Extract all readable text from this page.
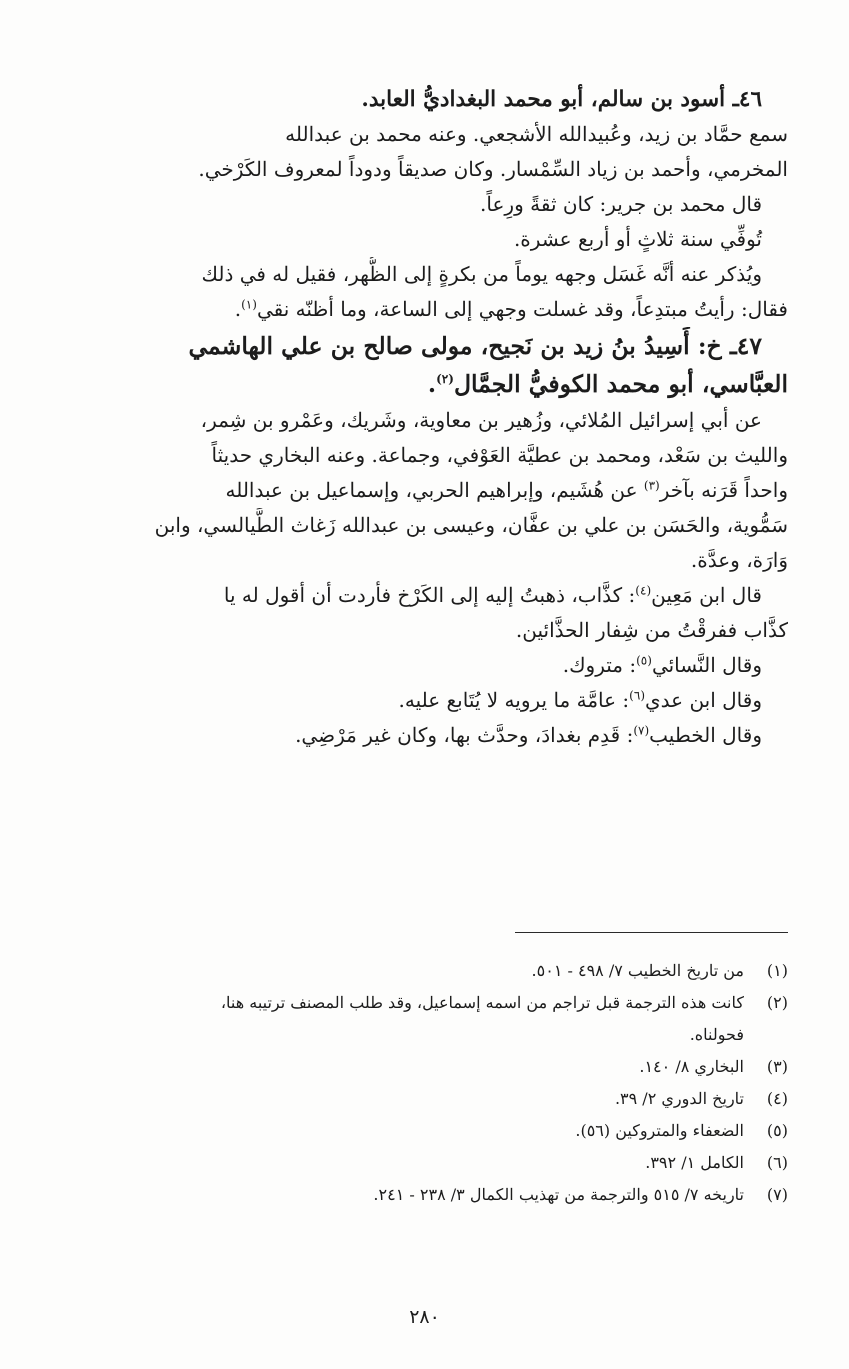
٤٦ـ أسود بن سالم، أبو محمد البغداديُّ العابد.
سمع حمَّاد بن زيد، وعُبيدالله الأشجعي. وعنه محمد بن عبدالله
المخرمي، وأحمد بن زياد السِّمْسار. وكان صديقاً ودوداً لمعروف الكَرْخي.
قال محمد بن جرير: كان ثقةً ورِعاً.
تُوفِّي سنة ثلاثٍ أو أربع عشرة.
ويُذكر عنه أنَّه غَسَل وجهه يوماً من بكرةٍ إلى الظُّهر، فقيل له في ذلك
فقال: رأيتُ مبتدِعاً، وقد غسلت وجهي إلى الساعة، وما أظنّه نقي$^{(١)}$.
٤٧ـ خ: أَسِيدُ بنُ زيد بن نَجيح، مولى صالح بن علي الهاشمي
العبَّاسي، أبو محمد الكوفيُّ الجمَّال$^{(٢)}$.
عن أبي إسرائيل المُلائي، وزُهير بن معاوية، وشَريك، وعَمْرو بن شِمر،
والليث بن سَعْد، ومحمد بن عطيَّة العَوْفي، وجماعة. وعنه البخاري حديثاً
واحداً قَرَنه بآخر$^{(٣)}$ عن هُشَيم، وإبراهيم الحربي، وإسماعيل بن عبدالله
سَمُّوية، والحَسَن بن علي بن عفَّان، وعيسى بن عبدالله زَغاث الطَّيالسي، وابن
وَارَة، وعدَّة.
قال ابن مَعِين$^{(٤)}$: كذَّاب، ذهبتُ إليه إلى الكَرْخ فأردت أن أقول له يا
كذَّاب ففرقْتُ من شِفار الحذَّائين.
وقال النَّسائي$^{(٥)}$: متروك.
وقال ابن عدي$^{(٦)}$: عامَّة ما يرويه لا يُتَابع عليه.
وقال الخطيب$^{(٧)}$: قَدِم بغدادَ، وحدَّث بها، وكان غير مَرْضِي.
(١)
من تاريخ الخطيب ٧/ ٤٩٨ - ٥٠١.
(٢)
كانت هذه الترجمة قبل تراجم من اسمه إسماعيل، وقد طلب المصنف ترتيبه هنا،
فحولناه.
(٣)
البخاري ٨/ ١٤٠.
(٤)
تاريخ الدوري ٢/ ٣٩.
(٥)
الضعفاء والمتروكين (٥٦).
(٦)
الكامل ١/ ٣٩٢.
(٧)
تاريخه ٧/ ٥١٥ والترجمة من تهذيب الكمال ٣/ ٢٣٨ - ٢٤١.
٢٨٠
